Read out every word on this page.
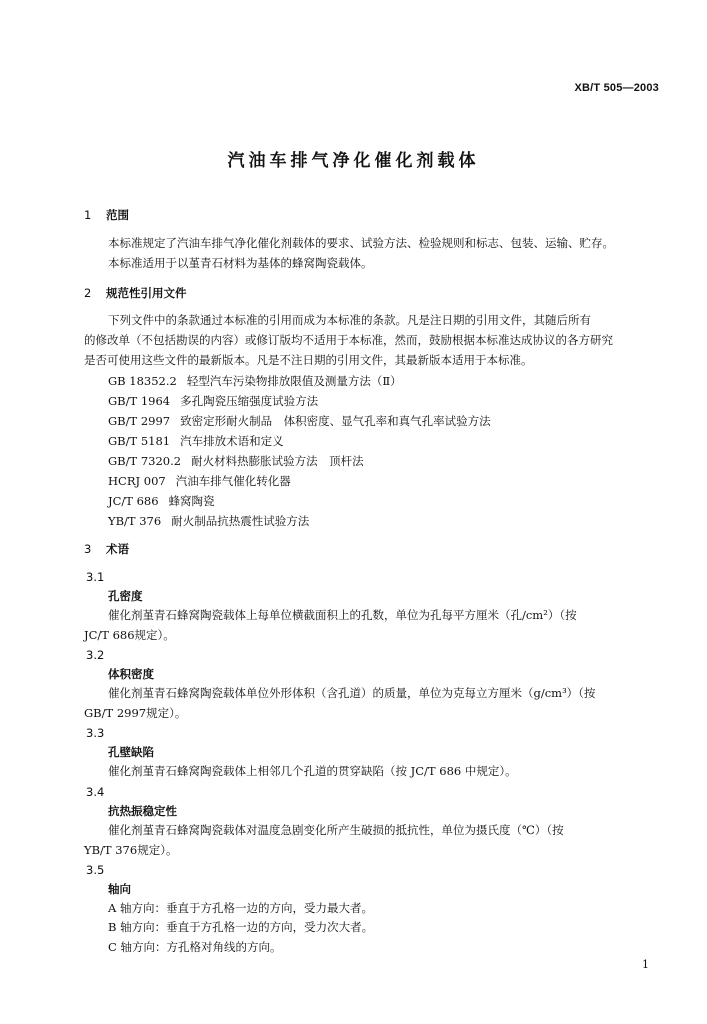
XB/T 505—2003
汽油车排气净化催化剂载体
1 范围
本标准规定了汽油车排气净化催化剂载体的要求、试验方法、检验规则和标志、包装、运输、贮存。
本标准适用于以堇青石材料为基体的蜂窝陶瓷载体。
2 规范性引用文件
下列文件中的条款通过本标准的引用而成为本标准的条款。凡是注日期的引用文件，其随后所有
的修改单（不包括勘误的内容）或修订版均不适用于本标准，然而，鼓励根据本标准达成协议的各方研究
是否可使用这些文件的最新版本。凡是不注日期的引用文件，其最新版本适用于本标准。
GB 18352.2 轻型汽车污染物排放限值及测量方法（Ⅱ）
GB/T 1964 多孔陶瓷压缩强度试验方法
GB/T 2997 致密定形耐火制品　体积密度、显气孔率和真气孔率试验方法
GB/T 5181 汽车排放术语和定义
GB/T 7320.2 耐火材料热膨胀试验方法　顶杆法
HCRJ 007 汽油车排气催化转化器
JC/T 686 蜂窝陶瓷
YB/T 376 耐火制品抗热震性试验方法
3 术语
3.1
孔密度
催化剂堇青石蜂窝陶瓷载体上每单位横截面积上的孔数，单位为孔每平方厘米（孔/cm²）（按
JC/T 686规定）。
3.2
体积密度
催化剂堇青石蜂窝陶瓷载体单位外形体积（含孔道）的质量，单位为克每立方厘米（g/cm³）（按
GB/T 2997规定）。
3.3
孔壁缺陷
催化剂堇青石蜂窝陶瓷载体上相邻几个孔道的贯穿缺陷（按 JC/T 686 中规定）。
3.4
抗热振稳定性
催化剂堇青石蜂窝陶瓷载体对温度急剧变化所产生破损的抵抗性，单位为摄氏度（℃）（按
YB/T 376规定）。
3.5
轴向
A 轴方向：垂直于方孔格一边的方向，受力最大者。
B 轴方向：垂直于方孔格一边的方向，受力次大者。
C 轴方向：方孔格对角线的方向。
1
